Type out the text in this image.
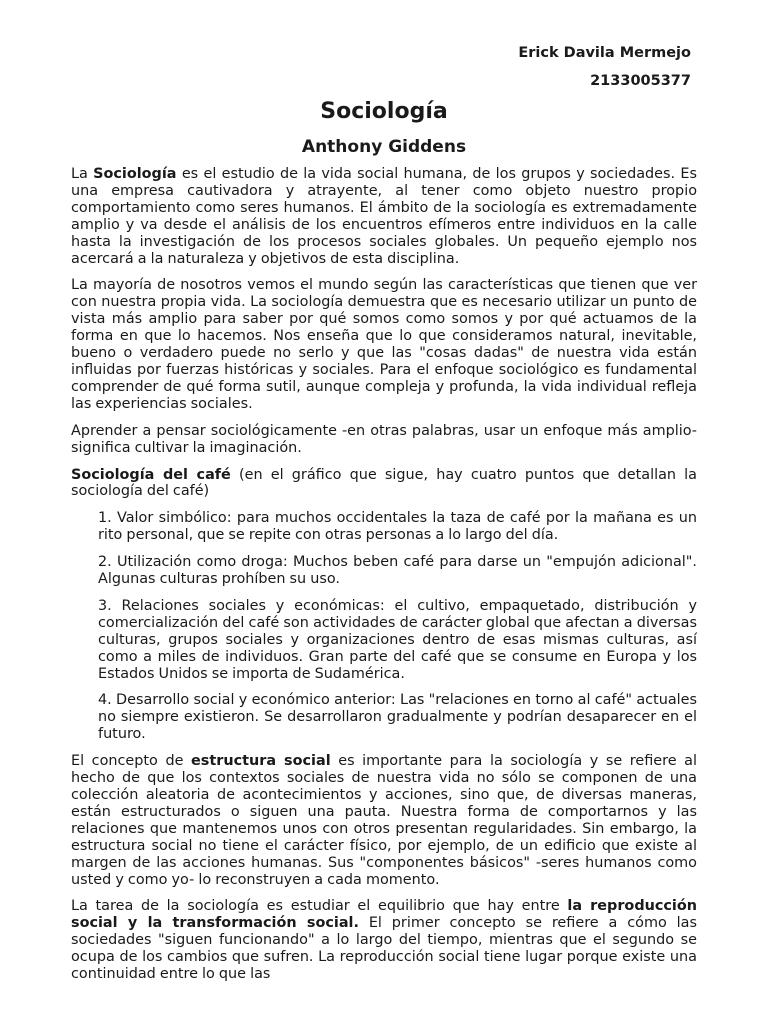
Erick Davila Mermejo
2133005377
Sociología
Anthony Giddens

La Sociología es el estudio de la vida social humana, de los grupos y sociedades. Es una empresa cautivadora y atrayente, al tener como objeto nuestro propio comportamiento como seres humanos. El ámbito de la sociología es extremadamente amplio y va desde el análisis de los encuentros efímeros entre individuos en la calle hasta la investigación de los procesos sociales globales. Un pequeño ejemplo nos acercará a la naturaleza y objetivos de esta disciplina.

La mayoría de nosotros vemos el mundo según las características que tienen que ver con nuestra propia vida. La sociología demuestra que es necesario utilizar un punto de vista más amplio para saber por qué somos como somos y por qué actuamos de la forma en que lo hacemos. Nos enseña que lo que consideramos natural, inevitable, bueno o verdadero puede no serlo y que las "cosas dadas" de nuestra vida están influidas por fuerzas históricas y sociales. Para el enfoque sociológico es fundamental comprender de qué forma sutil, aunque compleja y profunda, la vida individual refleja las experiencias sociales.

Aprender a pensar sociológicamente -en otras palabras, usar un enfoque más amplio- significa cultivar la imaginación.

Sociología del café (en el gráfico que sigue, hay cuatro puntos que detallan la sociología del café)

1. Valor simbólico: para muchos occidentales la taza de café por la mañana es un rito personal, que se repite con otras personas a lo largo del día.

2. Utilización como droga: Muchos beben café para darse un "empujón adicional". Algunas culturas prohíben su uso.

3. Relaciones sociales y económicas: el cultivo, empaquetado, distribución y comercialización del café son actividades de carácter global que afectan a diversas culturas, grupos sociales y organizaciones dentro de esas mismas culturas, así como a miles de individuos. Gran parte del café que se consume en Europa y los Estados Unidos se importa de Sudamérica.

4. Desarrollo social y económico anterior: Las "relaciones en torno al café" actuales no siempre existieron. Se desarrollaron gradualmente y podrían desaparecer en el futuro.

El concepto de estructura social es importante para la sociología y se refiere al hecho de que los contextos sociales de nuestra vida no sólo se componen de una colección aleatoria de acontecimientos y acciones, sino que, de diversas maneras, están estructurados o siguen una pauta. Nuestra forma de comportarnos y las relaciones que mantenemos unos con otros presentan regularidades. Sin embargo, la estructura social no tiene el carácter físico, por ejemplo, de un edificio que existe al margen de las acciones humanas. Sus "componentes básicos" -seres humanos como usted y como yo- lo reconstruyen a cada momento.

La tarea de la sociología es estudiar el equilibrio que hay entre la reproducción social y la transformación social. El primer concepto se refiere a cómo las sociedades "siguen funcionando" a lo largo del tiempo, mientras que el segundo se ocupa de los cambios que sufren. La reproducción social tiene lugar porque existe una continuidad entre lo que las
